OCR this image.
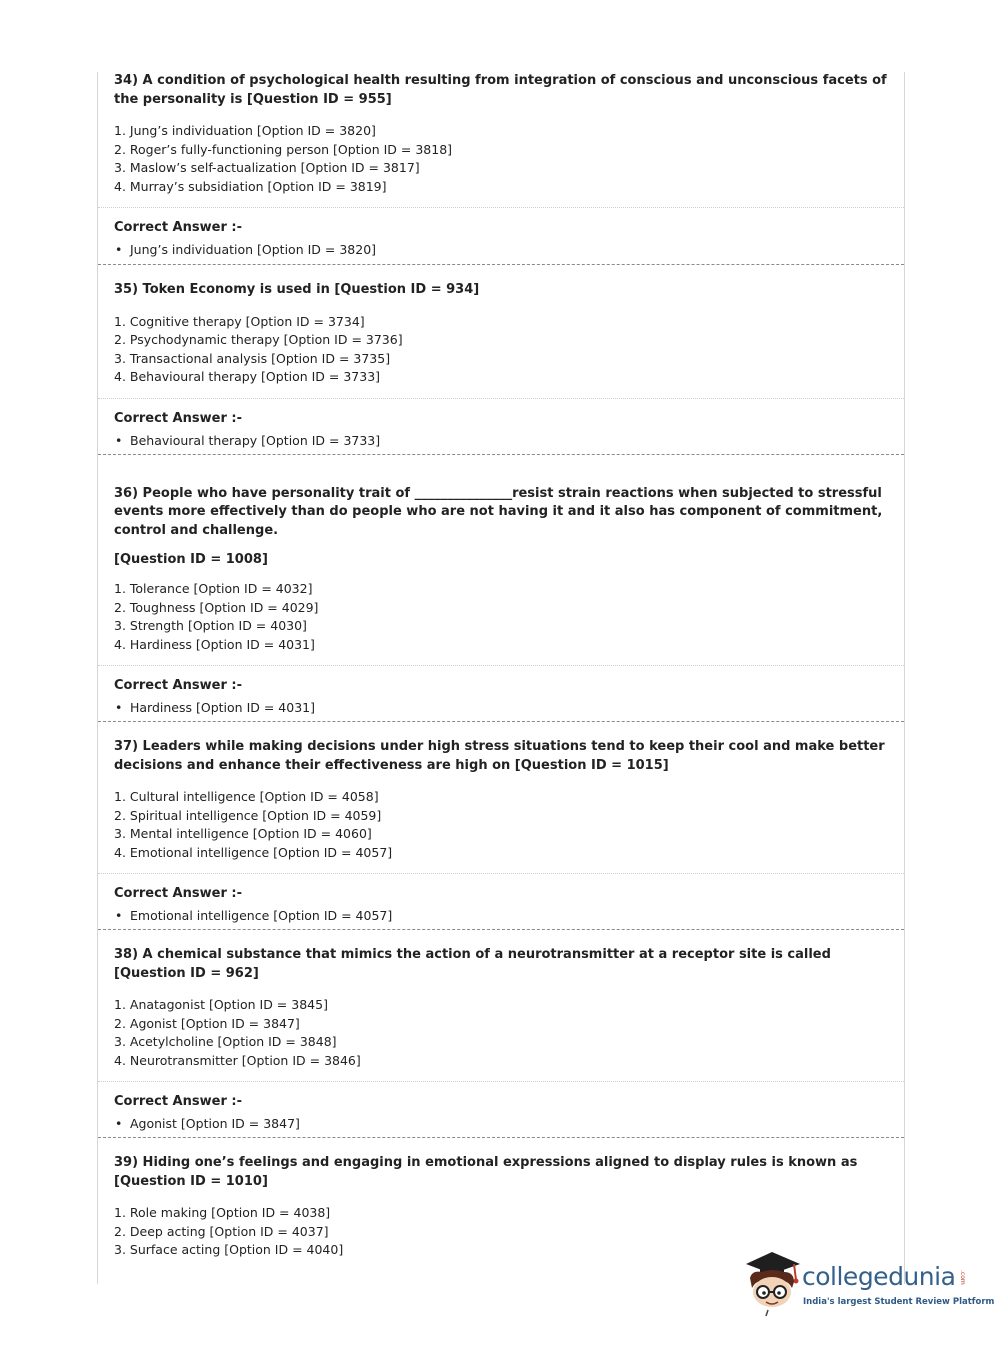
34) A condition of psychological health resulting from integration of conscious and unconscious facets of the personality is [Question ID = 955]

1. Jung’s individuation [Option ID = 3820]
2. Roger’s fully-functioning person [Option ID = 3818]
3. Maslow’s self-actualization [Option ID = 3817]
4. Murray’s subsidiation [Option ID = 3819]

Correct Answer :-

• Jung’s individuation [Option ID = 3820]

35) Token Economy is used in [Question ID = 934]

1. Cognitive therapy [Option ID = 3734]
2. Psychodynamic therapy [Option ID = 3736]
3. Transactional analysis [Option ID = 3735]
4. Behavioural therapy [Option ID = 3733]

Correct Answer :-

• Behavioural therapy [Option ID = 3733]

36) People who have personality trait of _______________resist strain reactions when subjected to stressful events more effectively than do people who are not having it and it also has component of commitment, control and challenge.

[Question ID = 1008]

1. Tolerance [Option ID = 4032]
2. Toughness [Option ID = 4029]
3. Strength [Option ID = 4030]
4. Hardiness [Option ID = 4031]

Correct Answer :-

• Hardiness [Option ID = 4031]

37) Leaders while making decisions under high stress situations tend to keep their cool and make better decisions and enhance their effectiveness are high on [Question ID = 1015]

1. Cultural intelligence [Option ID = 4058]
2. Spiritual intelligence [Option ID = 4059]
3. Mental intelligence [Option ID = 4060]
4. Emotional intelligence [Option ID = 4057]

Correct Answer :-

• Emotional intelligence [Option ID = 4057]

38) A chemical substance that mimics the action of a neurotransmitter at a receptor site is called [Question ID = 962]

1. Anatagonist [Option ID = 3845]
2. Agonist [Option ID = 3847]
3. Acetylcholine [Option ID = 3848]
4. Neurotransmitter [Option ID = 3846]

Correct Answer :-

• Agonist [Option ID = 3847]

39) Hiding one’s feelings and engaging in emotional expressions aligned to display rules is known as [Question ID = 1010]

1. Role making [Option ID = 4038]
2. Deep acting [Option ID = 4037]
3. Surface acting [Option ID = 4040]
collegedunia .com
India's largest Student Review Platform
